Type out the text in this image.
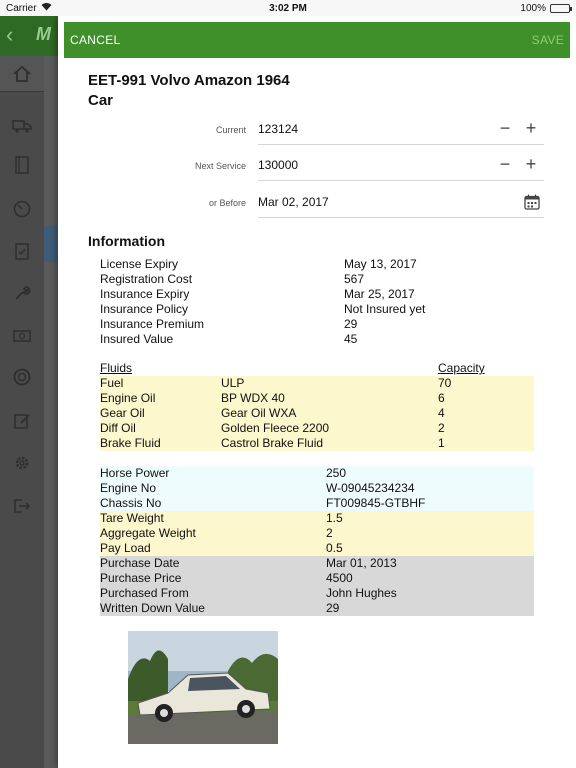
Carrier	3:02 PM	100%
‹ M CANCEL	SAVE
EET-991 Volvo Amazon 1964
Car
Current 123124	− +
Next Service 130000	− +
or Before Mar 02, 2017
Information
License Expiry	May 13, 2017
Registration Cost	567
Insurance Expiry	Mar 25, 2017
Insurance Policy	Not Insured yet
Insurance Premium	29
Insured Value	45
Fluids	Capacity
Fuel	ULP	70
Engine Oil	BP WDX 40	6
Gear Oil	Gear Oil WXA	4
Diff Oil	Golden Fleece 2200	2
Brake Fluid	Castrol Brake Fluid	1
Horse Power	250
Engine No	W-09045234234
Chassis No	FT009845-GTBHF
Tare Weight	1.5
Aggregate Weight	2
Pay Load	0.5
Purchase Date	Mar 01, 2013
Purchase Price	4500
Purchased From	John Hughes
Written Down Value	29
